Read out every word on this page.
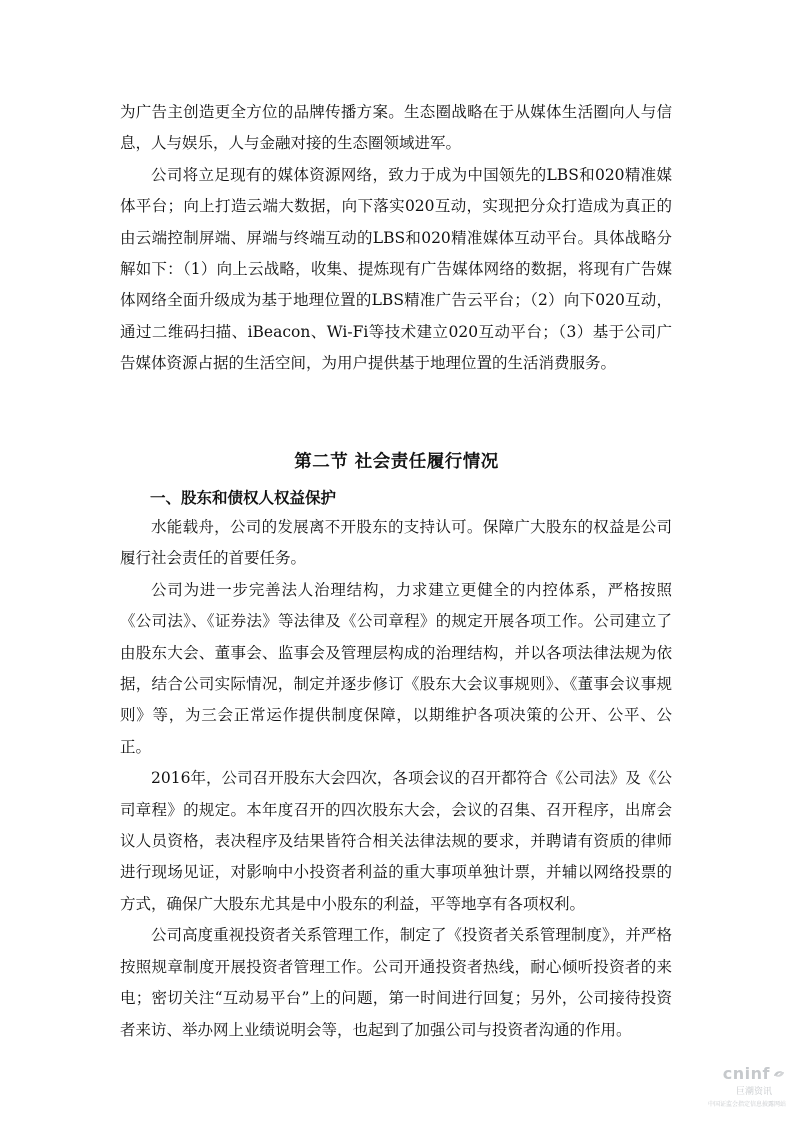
为广告主创造更全方位的品牌传播方案。生态圈战略在于从媒体生活圈向人与信息，人与娱乐，人与金融对接的生态圈领域进军。

公司将立足现有的媒体资源网络，致力于成为中国领先的LBS和020精准媒体平台；向上打造云端大数据，向下落实020互动，实现把分众打造成为真正的由云端控制屏端、屏端与终端互动的LBS和020精准媒体互动平台。具体战略分解如下：（1）向上云战略，收集、提炼现有广告媒体网络的数据，将现有广告媒体网络全面升级成为基于地理位置的LBS精准广告云平台；（2）向下020互动，通过二维码扫描、iBeacon、Wi-Fi等技术建立020互动平台；（3）基于公司广告媒体资源占据的生活空间，为用户提供基于地理位置的生活消费服务。

第二节 社会责任履行情况
一、股东和债权人权益保护

水能载舟，公司的发展离不开股东的支持认可。保障广大股东的权益是公司履行社会责任的首要任务。

公司为进一步完善法人治理结构，力求建立更健全的内控体系，严格按照《公司法》、《证券法》等法律及《公司章程》的规定开展各项工作。公司建立了由股东大会、董事会、监事会及管理层构成的治理结构，并以各项法律法规为依据，结合公司实际情况，制定并逐步修订《股东大会议事规则》、《董事会议事规则》等，为三会正常运作提供制度保障，以期维护各项决策的公开、公平、公正。

2016年，公司召开股东大会四次，各项会议的召开都符合《公司法》及《公司章程》的规定。本年度召开的四次股东大会，会议的召集、召开程序，出席会议人员资格，表决程序及结果皆符合相关法律法规的要求，并聘请有资质的律师进行现场见证，对影响中小投资者利益的重大事项单独计票，并辅以网络投票的方式，确保广大股东尤其是中小股东的利益，平等地享有各项权利。

公司高度重视投资者关系管理工作，制定了《投资者关系管理制度》，并严格按照规章制度开展投资者管理工作。公司开通投资者热线，耐心倾听投资者的来电；密切关注“互动易平台”上的问题，第一时间进行回复；另外，公司接待投资者来访、举办网上业绩说明会等，也起到了加强公司与投资者沟通的作用。

cninf
巨潮资讯
中国证监会指定信息披露网站
